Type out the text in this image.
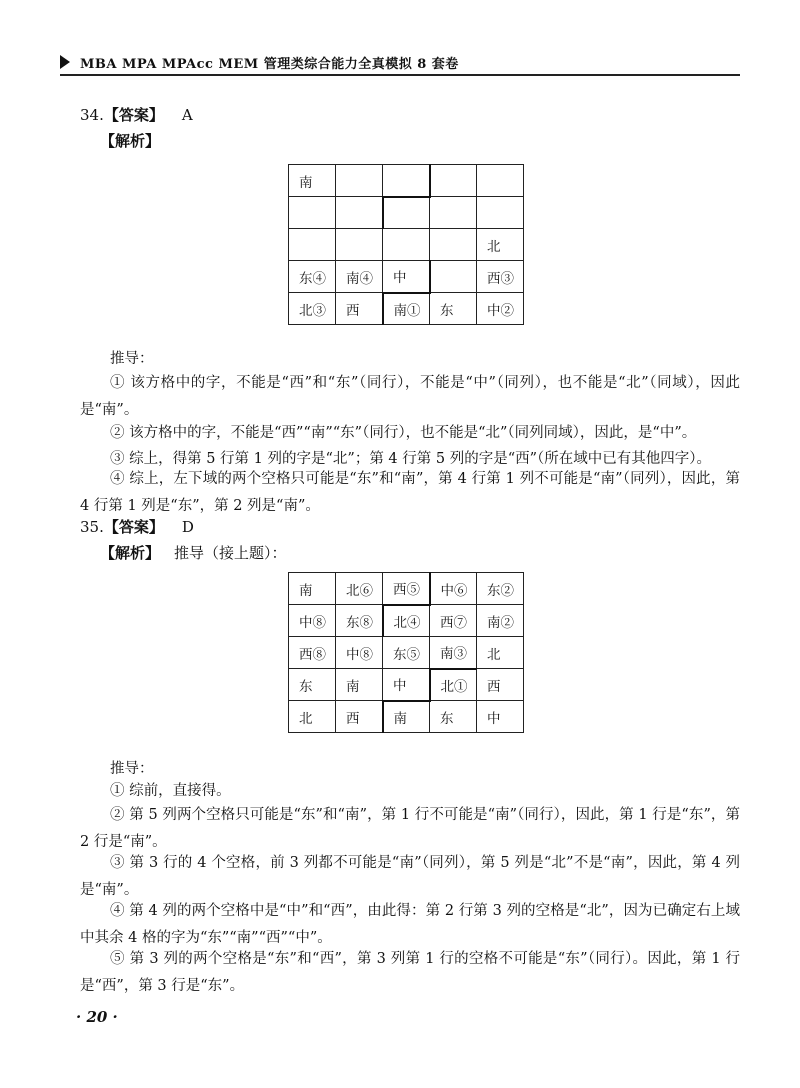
MBA MPA MPAcc MEM 管理类综合能力全真模拟 8 套卷
34.【答案】 A
【解析】
南				

				北
东④	南④	中		西③
北③	西	南①	东	中②
推导：
① 该方格中的字，不能是“西”和“东”（同行），不能是“中”（同列），也不能是“北”（同域），因此是“南”。
② 该方格中的字，不能是“西”“南”“东”（同行），也不能是“北”（同列同域），因此，是“中”。
③ 综上，得第 5 行第 1 列的字是“北”；第 4 行第 5 列的字是“西”（所在域中已有其他四字）。
④ 综上，左下域的两个空格只可能是“东”和“南”，第 4 行第 1 列不可能是“南”（同列），因此，第 4 行第 1 列是“东”，第 2 列是“南”。
35.【答案】 D
【解析】 推导（接上题）：
南	北⑥	西⑤	中⑥	东②
中⑧	东⑧	北④	西⑦	南②
西⑧	中⑧	东⑤	南③	北
东	南	中	北①	西
北	西	南	东	中
推导：
① 综前，直接得。
② 第 5 列两个空格只可能是“东”和“南”，第 1 行不可能是“南”（同行），因此，第 1 行是“东”，第 2 行是“南”。
③ 第 3 行的 4 个空格，前 3 列都不可能是“南”（同列），第 5 列是“北”不是“南”，因此，第 4 列是“南”。
④ 第 4 列的两个空格中是“中”和“西”，由此得：第 2 行第 3 列的空格是“北”，因为已确定右上域中其余 4 格的字为“东”“南”“西”“中”。
⑤ 第 3 列的两个空格是“东”和“西”，第 3 列第 1 行的空格不可能是“东”（同行）。因此，第 1 行是“西”，第 3 行是“东”。
· 20 ·
